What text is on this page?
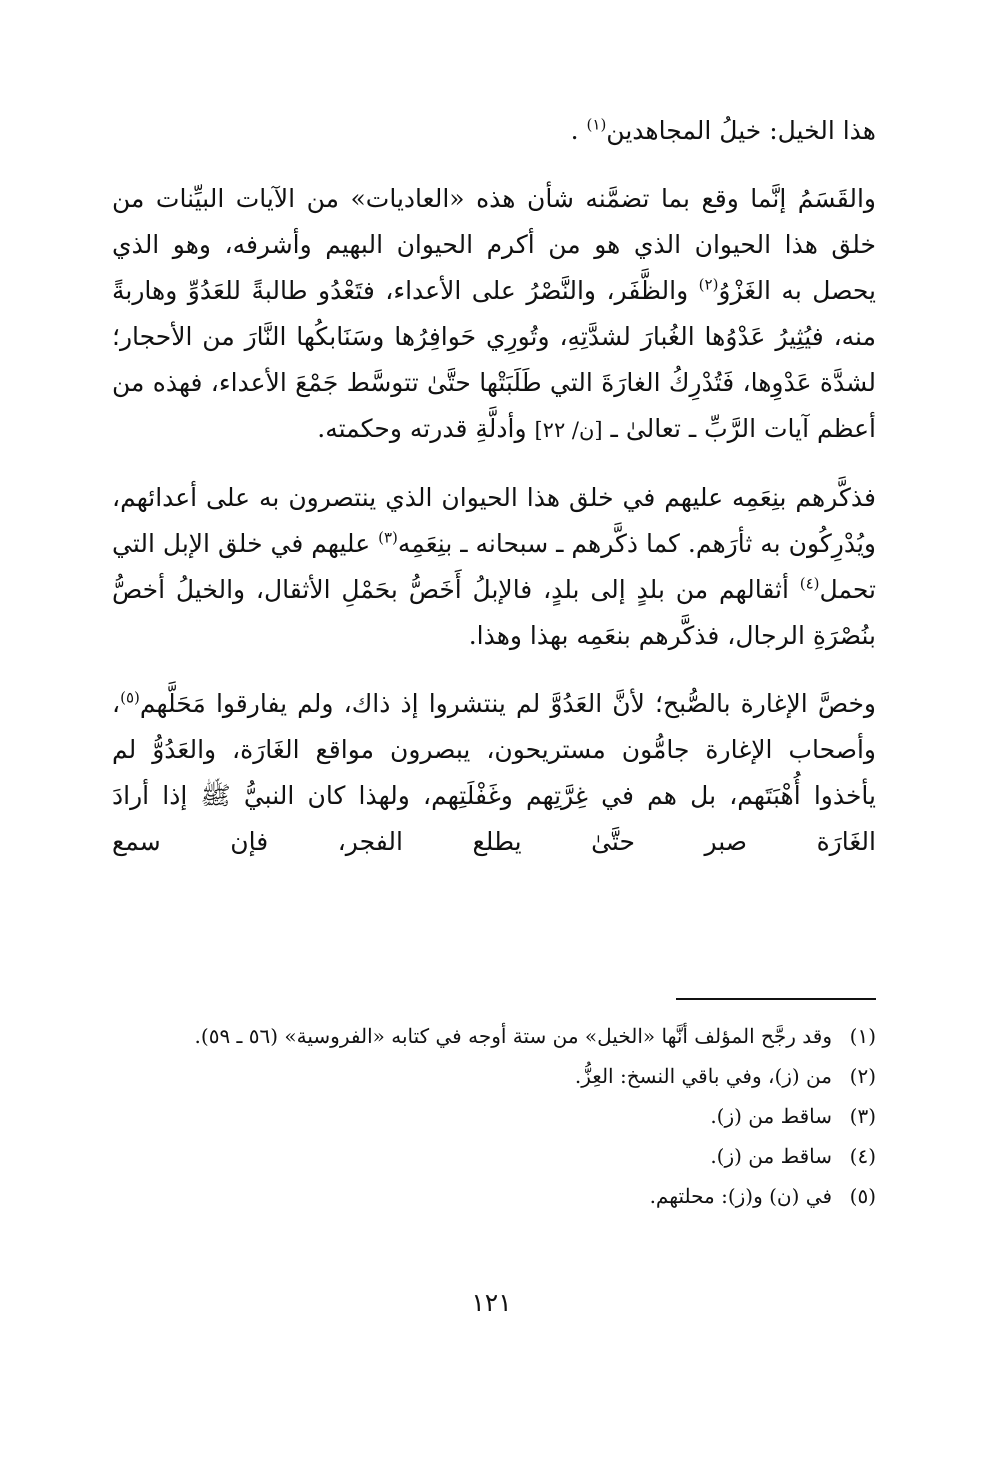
هذا الخيل: خيلُ المجاهدين$^{(١)}$ .

والقَسَمُ إنَّما وقع بما تضمَّنه شأن هذه «العاديات» من الآيات البيِّنات من خلق هذا الحيوان الذي هو من أكرم الحيوان البهيم وأشرفه، وهو الذي يحصل به الغَزْوُ$^{(٢)}$ والظَّفَر، والنَّصْرُ على الأعداء، فتَعْدُو طالبةً للعَدُوِّ وهاربةً منه، فيُثِيرُ عَدْوُها الغُبارَ لشدَّتِهِ، وتُورِي حَوافِرُها وسَنَابكُها النَّارَ من الأحجار؛ لشدَّة عَدْوِها، فَتُدْرِكُ الغارَةَ التي طَلَبَتْها حتَّىٰ تتوسَّط جَمْعَ الأعداء، فهذه من أعظم آيات الرَّبِّ ـ تعالىٰ ـ [ن/ ٢٢] وأدلَّةِ قدرته وحكمته.

فذكَّرهم بنِعَمِه عليهم في خلق هذا الحيوان الذي ينتصرون به على أعدائهم، ويُدْرِكُون به ثأرَهم. كما ذكَّرهم ـ سبحانه ـ بنِعَمِه$^{(٣)}$ عليهم في خلق الإبل التي تحمل$^{(٤)}$ أثقالهم من بلدٍ إلى بلدٍ، فالإبلُ أَخَصُّ بحَمْلِ الأثقال، والخيلُ أخصُّ بنُصْرَةِ الرجال، فذكَّرهم بنعَمِه بهذا وهذا.

وخصَّ الإغارة بالصُّبح؛ لأنَّ العَدُوَّ لم ينتشروا إذ ذاك، ولم يفارقوا مَحَلَّهم$^{(٥)}$، وأصحاب الإغارة جامُّون مستريحون، يبصرون مواقع الغَارَة، والعَدُوُّ لم يأخذوا أُهْبَتَهم، بل هم في غِرَّتِهم وغَفْلَتِهم، ولهذا كان النبيُّ ﷺ إذا أرادَ الغَارَة صبر حتَّىٰ يطلع الفجر، فإن سمع

(١)
وقد رجَّح المؤلف أنَّها «الخيل» من ستة أوجه في كتابه «الفروسية» (٥٦ ـ ٥٩).
(٢)
من (ز)، وفي باقي النسخ: العِزُّ.
(٣)
ساقط من (ز).
(٤)
ساقط من (ز).
(٥)
في (ن) و(ز): محلتهم.
١٢١
